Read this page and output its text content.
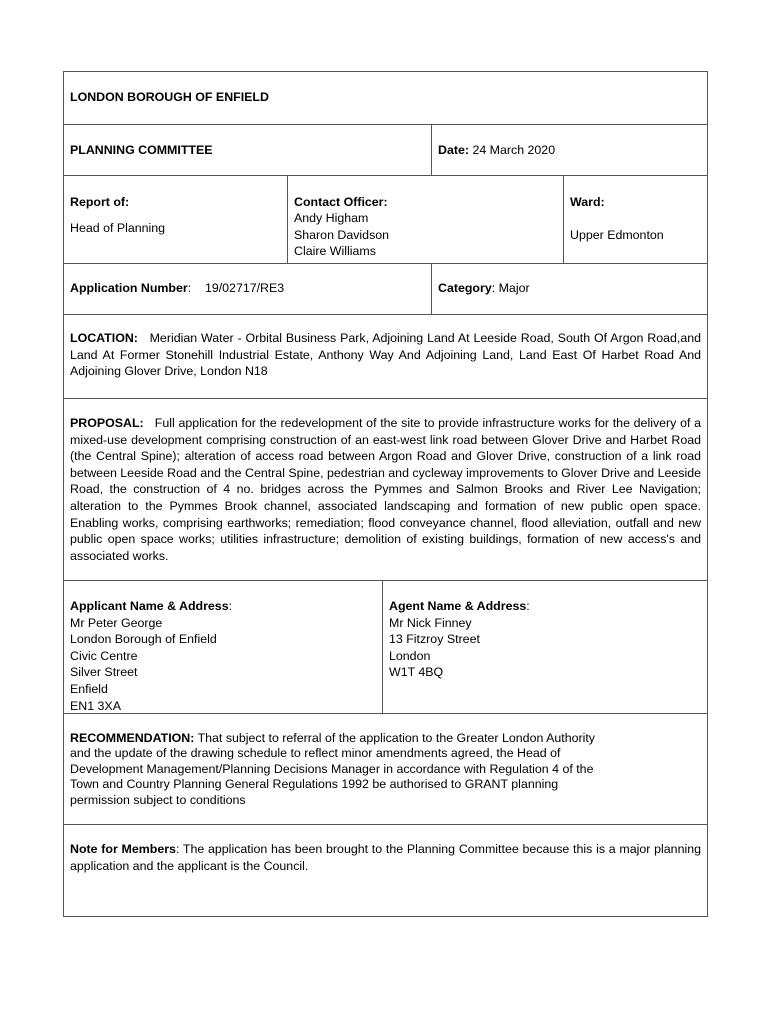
LONDON BOROUGH OF ENFIELD
PLANNING COMMITTEE	Date: 24 March 2020
Report of:
Head of Planning
Contact Officer:
Andy Higham
Sharon Davidson
Claire Williams
Ward:
Upper Edmonton
Application Number:    19/02717/RE3	Category: Major
LOCATION: Meridian Water - Orbital Business Park, Adjoining Land At Leeside Road, South Of Argon Road,and Land At Former Stonehill Industrial Estate, Anthony Way And Adjoining Land, Land East Of Harbet Road And Adjoining Glover Drive, London N18
PROPOSAL: Full application for the redevelopment of the site to provide infrastructure works for the delivery of a mixed-use development comprising construction of an east-west link road between Glover Drive and Harbet Road (the Central Spine); alteration of access road between Argon Road and Glover Drive, construction of a link road between Leeside Road and the Central Spine, pedestrian and cycleway improvements to Glover Drive and Leeside Road, the construction of 4 no. bridges across the Pymmes and Salmon Brooks and River Lee Navigation; alteration to the Pymmes Brook channel, associated landscaping and formation of new public open space. Enabling works, comprising earthworks; remediation; flood conveyance channel, flood alleviation, outfall and new public open space works; utilities infrastructure; demolition of existing buildings, formation of new access's and associated works.
Applicant Name & Address:
Mr Peter George
London Borough of Enfield
Civic Centre
Silver Street
Enfield
EN1 3XA
Agent Name & Address:
Mr Nick Finney
13 Fitzroy Street
London
W1T 4BQ
RECOMMENDATION: That subject to referral of the application to the Greater London Authority
and the update of the drawing schedule to reflect minor amendments agreed, the Head of
Development Management/Planning Decisions Manager in accordance with Regulation 4 of the
Town and Country Planning General Regulations 1992 be authorised to GRANT planning
permission subject to conditions
Note for Members: The application has been brought to the Planning Committee because this is a major planning application and the applicant is the Council.
